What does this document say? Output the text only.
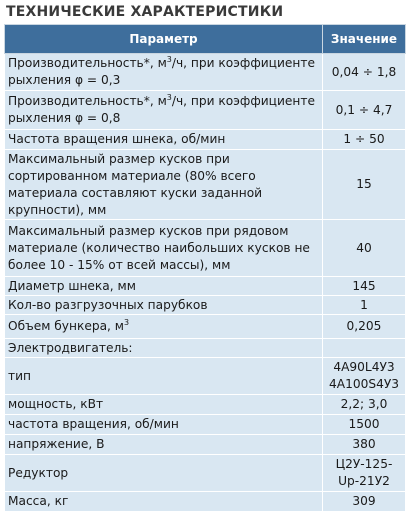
ТЕХНИЧЕСКИЕ ХАРАКТЕРИСТИКИ
Параметр	Значение
Производительность*, $м^3/ч$, при коэффициенте рыхления φ = 0,3	0,04 ÷ 1,8
Производительность*, $м^3/ч$, при коэффициенте рыхления φ = 0,8	0,1 ÷ 4,7
Частота вращения шнека, об/мин	1 ÷ 50
Максимальный размер кусков при сортированном материале (80% всего материала составляют куски заданной крупности), мм	15
Максимальный размер кусков при рядовом материале (количество наибольших кусков не более 10 - 15% от всей массы), мм	40
Диаметр шнека, мм	145
Кол-во разгрузочных парубков	1
Объем бункера, $м^3$	0,205
Электродвигатель:	
тип	4А90L4У3
4А100S4У3

мощность, кВт	2,2; 3,0
частота вращения, об/мин	1500
напряжение, В	380
Редуктор	Ц2У-125-
Uр-21У2

Масса, кг	309
